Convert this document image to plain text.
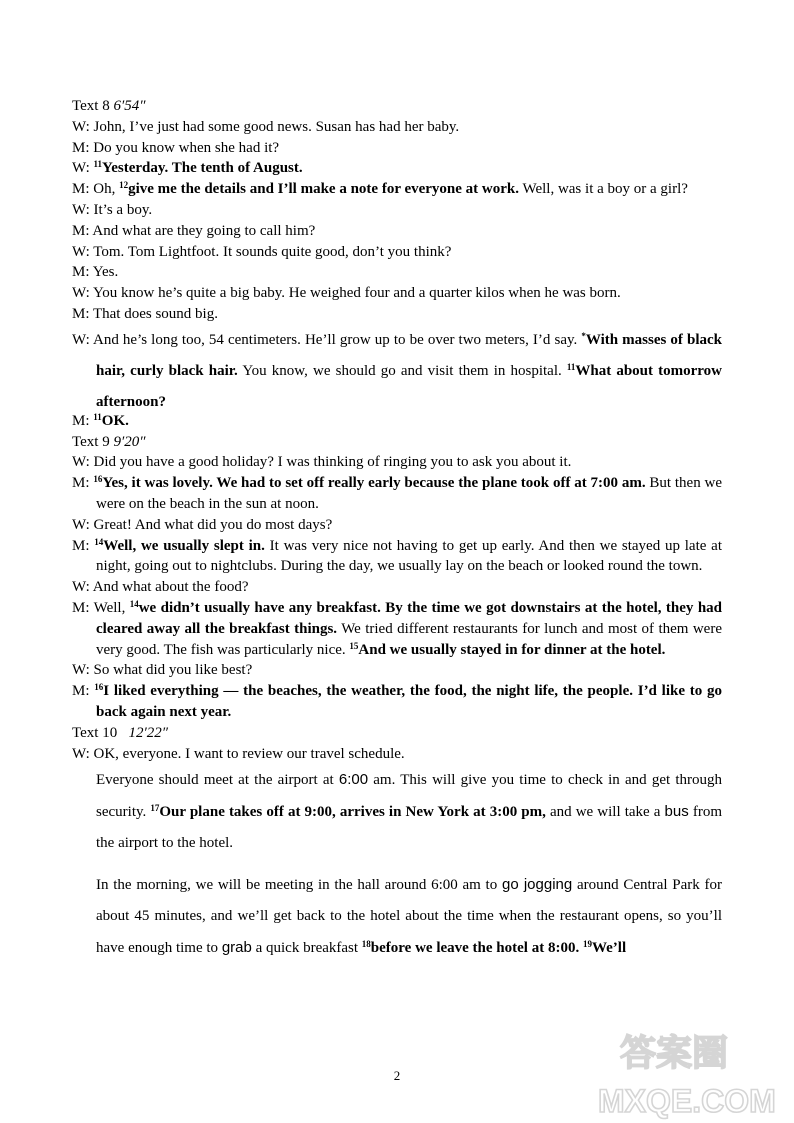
Text 8 6′54″
W: John, I’ve just had some good news. Susan has had her baby.
M: Do you know when she had it?
W: $^{11}$Yesterday. The tenth of August.
M: Oh, $^{12}$give me the details and I’ll make a note for everyone at work. Well, was it a boy or a girl?
W: It’s a boy.
M: And what are they going to call him?
W: Tom. Tom Lightfoot. It sounds quite good, don’t you think?
M: Yes.
W: You know he’s quite a big baby. He weighed four and a quarter kilos when he was born.
M: That does sound big.
W: And he’s long too, 54 centimeters. He’ll grow up to be over two meters, I’d say. *With masses of black hair, curly black hair. You know, we should go and visit them in hospital. $^{11}$What about tomorrow afternoon?
M: $^{11}$OK.
Text 9 9′20″
W: Did you have a good holiday? I was thinking of ringing you to ask you about it.
M: $^{16}$Yes, it was lovely. We had to set off really early because the plane took off at 7:00 am. But then we were on the beach in the sun at noon.
W: Great! And what did you do most days?
M: $^{14}$Well, we usually slept in. It was very nice not having to get up early. And then we stayed up late at night, going out to nightclubs. During the day, we usually lay on the beach or looked round the town.
W: And what about the food?
M: Well, $^{14}$we didn’t usually have any breakfast. By the time we got downstairs at the hotel, they had cleared away all the breakfast things. We tried different restaurants for lunch and most of them were very good. The fish was particularly nice. $^{15}$And we usually stayed in for dinner at the hotel.
W: So what did you like best?
M: $^{16}$I liked everything — the beaches, the weather, the food, the night life, the people. I’d like to go back again next year.
Text 10 12′22″
W: OK, everyone. I want to review our travel schedule.
Everyone should meet at the airport at 6:00 am. This will give you time to check in and get through security. $^{17}$Our plane takes off at 9:00, arrives in New York at 3:00 pm, and we will take a bus from the airport to the hotel.
In the morning, we will be meeting in the hall around 6:00 am to go jogging around Central Park for about 45 minutes, and we’ll get back to the hotel about the time when the restaurant opens, so you’ll have enough time to grab a quick breakfast $^{18}$before we leave the hotel at 8:00. $^{19}$We’ll
2
答案圈
MXQE.COM
